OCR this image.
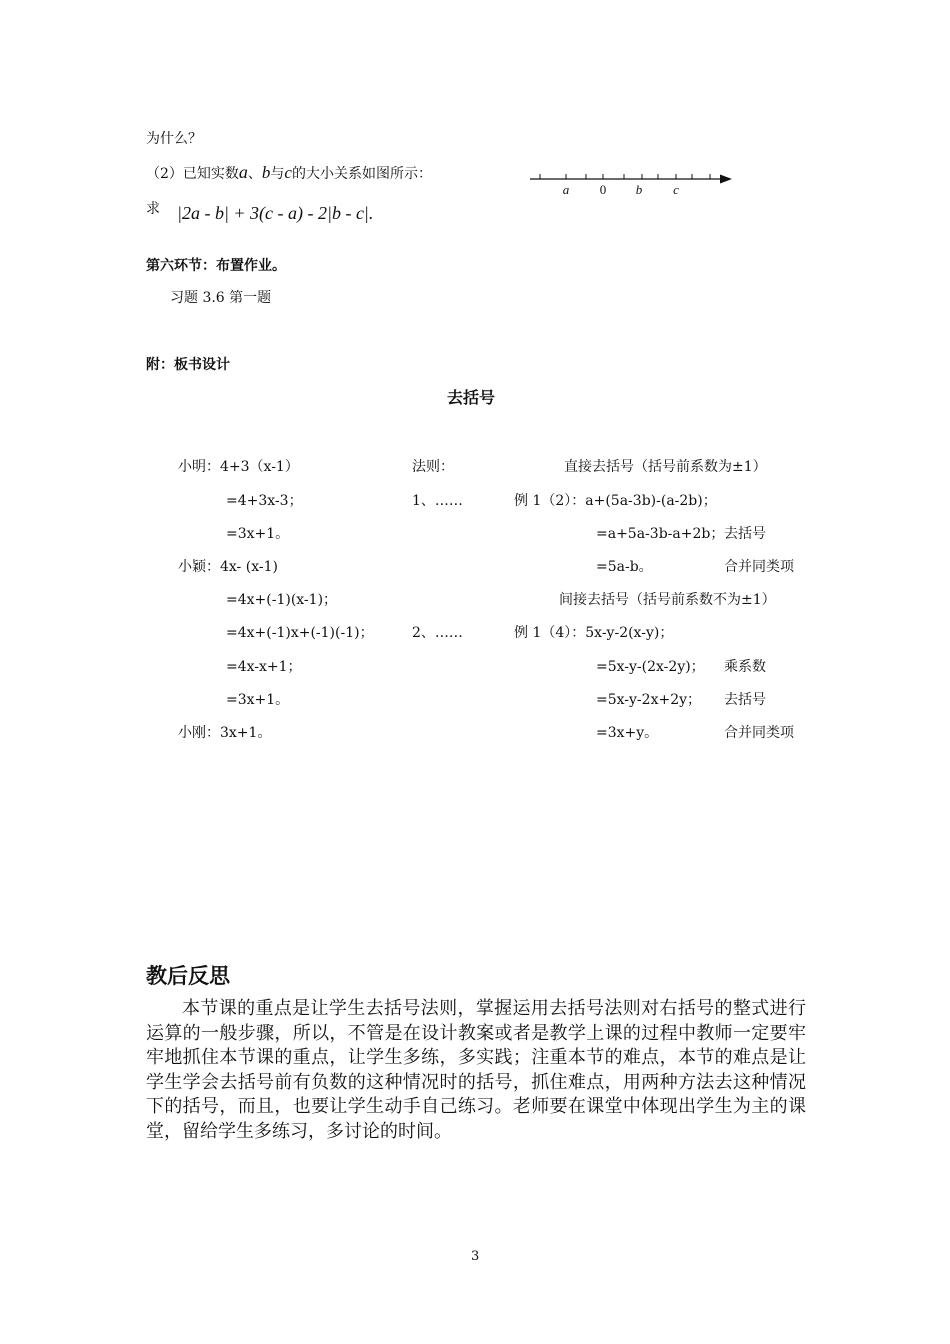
为什么？
（2）已知实数a、b与c的大小关系如图所示：
a 0 b c
求 |2a - b| + 3(c - a) - 2|b - c|.
第六环节：布置作业。
习题 3.6 第一题
附：板书设计
去括号
小明：4+3（x-1）
=4+3x-3；
=3x+1。
小颖：4x- (x-1)
=4x+(-1)(x-1)；
=4x+(-1)x+(-1)(-1)；
=4x-x+1；
=3x+1。
小刚：3x+1。
法则：
1、……
2、……
直接去括号（括号前系数为±1）
例 1（2）：a+(5a-3b)-(a-2b)；
=a+5a-3b-a+2b； 去括号
=5a-b。	合并同类项
间接去括号（括号前系数不为±1）
例 1（4）：5x-y-2(x-y)；
=5x-y-(2x-2y)； 乘系数
=5x-y-2x+2y； 去括号
=3x+y。	合并同类项
教后反思
本节课的重点是让学生去括号法则，掌握运用去括号法则对右括号的整式进行运算的一般步骤，所以，不管是在设计教案或者是教学上课的过程中教师一定要牢牢地抓住本节课的重点，让学生多练，多实践；注重本节的难点，本节的难点是让学生学会去括号前有负数的这种情况时的括号，抓住难点，用两种方法去这种情况下的括号，而且，也要让学生动手自己练习。老师要在课堂中体现出学生为主的课堂，留给学生多练习，多讨论的时间。
3
